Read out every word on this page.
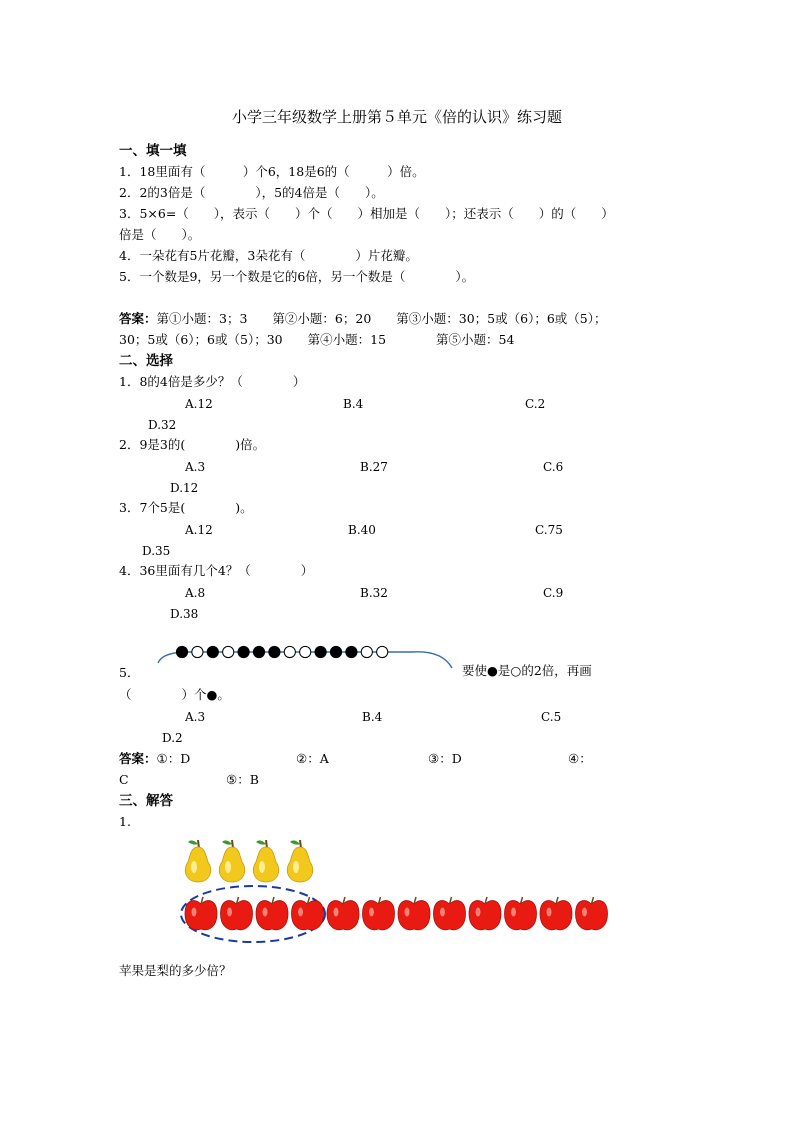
小学三年级数学上册第５单元《倍的认识》练习题
一、填一填
1．18里面有（　　　）个6，18是6的（　　　）倍。
2．2的3倍是（　　　　），5的4倍是（　　）。
3．5×6=（　　），表示（　　）个（　　）相加是（　　）；还表示（　　）的（　　）
倍是（　　）。
4．一朵花有5片花瓣，3朵花有（　　　　）片花瓣。
5．一个数是9，另一个数是它的6倍，另一个数是（　　　　）。
答案：第①小题：3；3　　第②小题：6；20　　第③小题：30；5或（6）；6或（5）；
30；5或（6）；6或（5）；30　　第④小题：15　　　　第⑤小题：54
二、选择
1．8的4倍是多少？（　　　　）
A.12	B.4	C.2
D.32
2．9是3的(　　　　)倍。
A.3	B.27	C.6
D.12
3．7个5是(　　　　)。
A.12	B.40	C.75
D.35
4．36里面有几个4？（　　　　）
A.8	B.32	C.9
D.38
5．	要使●是○的2倍，再画
（　　　　）个●。
A.3	B.4	C.5
D.2
答案：①：D	②：A	③：D	④：
C	⑤：B
三、解答
1.
苹果是梨的多少倍？
